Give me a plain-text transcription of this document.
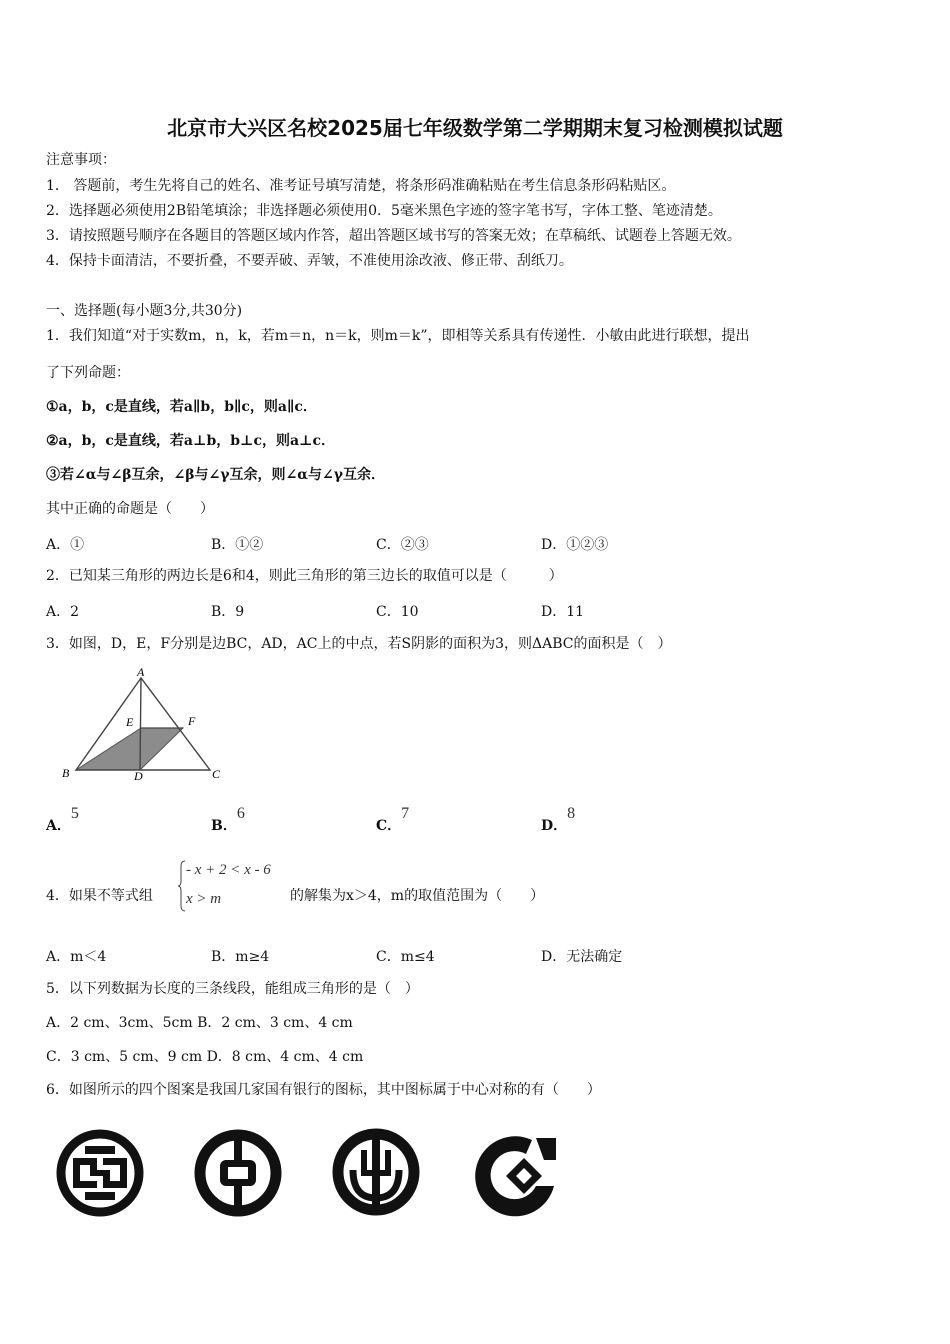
北京市大兴区名校2025届七年级数学第二学期期末复习检测模拟试题
注意事项：
1． 答题前，考生先将自己的姓名、准考证号填写清楚，将条形码准确粘贴在考生信息条形码粘贴区。
2．选择题必须使用2B铅笔填涂；非选择题必须使用0．5毫米黑色字迹的签字笔书写，字体工整、笔迹清楚。
3．请按照题号顺序在各题目的答题区域内作答，超出答题区域书写的答案无效；在草稿纸、试题卷上答题无效。
4．保持卡面清洁，不要折叠，不要弄破、弄皱，不准使用涂改液、修正带、刮纸刀。
一、选择题(每小题3分,共30分)
1．我们知道“对于实数m，n，k，若m＝n，n＝k，则m＝k”，即相等关系具有传递性．小敏由此进行联想，提出
了下列命题：
①a，b，c是直线，若a∥b，b∥c，则a∥c．
②a，b，c是直线，若a⊥b，b⊥c，则a⊥c．
③若∠α与∠β互余，∠β与∠γ互余，则∠α与∠γ互余．
其中正确的命题是（　　）
A．①	B．①②	C．②③	D．①②③
2．已知某三角形的两边长是6和4，则此三角形的第三边长的取值可以是（　　　）
A．2	B．9	C．10	D．11
3．如图，D，E，F分别是边BC，AD，AC上的中点，若S阴影的面积为3，则ΔABC的面积是（　）
A
E	F
B	D	C
A．5
B．6
C．7
D．8
4．如果不等式组
- x + 2 < x - 6
x > m	的解集为x＞4，m的取值范围为（　　）
A．m＜4	B．m≥4	C．m≤4	D．无法确定
5．以下列数据为长度的三条线段，能组成三角形的是（　）
A．2 cm、3cm、5cm B．2 cm、3 cm、4 cm
C．3 cm、5 cm、9 cm D．8 cm、4 cm、4 cm
6．如图所示的四个图案是我国几家国有银行的图标，其中图标属于中心对称的有（　　）
